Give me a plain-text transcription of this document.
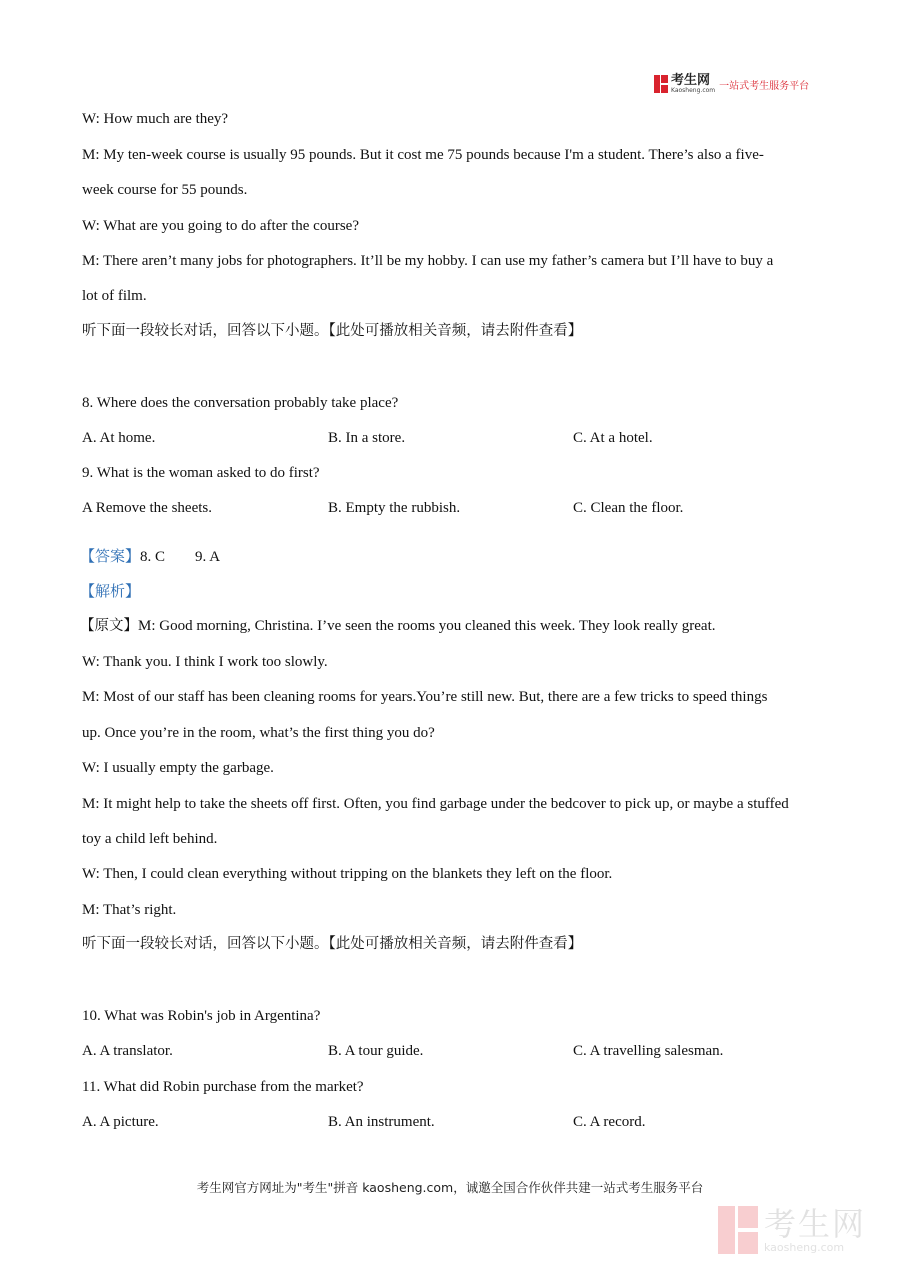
考生网
Kaosheng.com 一站式考生服务平台
W: How much are they?
M: My ten-week course is usually 95 pounds. But it cost me 75 pounds because I'm a student. There’s also a five-
week course for 55 pounds.
W: What are you going to do after the course?
M: There aren’t many jobs for photographers. It’ll be my hobby. I can use my father’s camera but I’ll have to buy a
lot of film.
听下面一段较长对话，回答以下小题。【此处可播放相关音频，请去附件查看】
8. Where does the conversation probably take place?
A. At home.	B. In a store.	C. At a hotel.
9. What is the woman asked to do first?
A Remove the sheets.	B. Empty the rubbish.	C. Clean the floor.
【答案】8. C        9. A
【解析】
【原文】M: Good morning, Christina. I’ve seen the rooms you cleaned this week. They look really great.
W: Thank you. I think I work too slowly.
M: Most of our staff has been cleaning rooms for years.You’re still new. But, there are a few tricks to speed things
up. Once you’re in the room, what’s the first thing you do?
W: I usually empty the garbage.
M: It might help to take the sheets off first. Often, you find garbage under the bedcover to pick up, or maybe a stuffed
toy a child left behind.
W: Then, I could clean everything without tripping on the blankets they left on the floor.
M: That’s right.
听下面一段较长对话，回答以下小题。【此处可播放相关音频，请去附件查看】
10. What was Robin's job in Argentina?
A. A translator.	B. A tour guide.	C. A travelling salesman.
11. What did Robin purchase from the market?
A. A picture.	B. An instrument.	C. A record.
考生网官方网址为"考生"拼音 kaosheng.com，诚邀全国合作伙伴共建一站式考生服务平台
考生网
kaosheng.com
